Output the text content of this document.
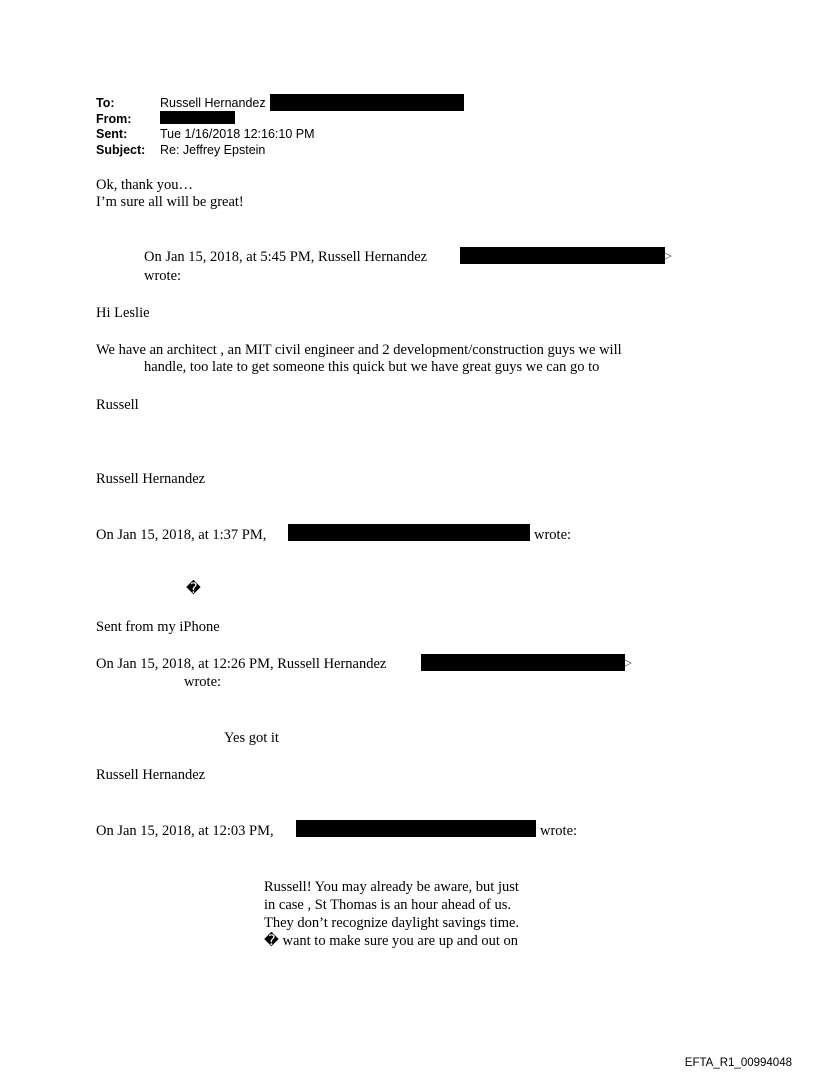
To:	Russell Hernandez
From:
Sent:	Tue 1/16/2018 12:16:10 PM
Subject: Re: Jeffrey Epstein
Ok, thank you…
I’m sure all will be great!
On Jan 15, 2018, at 5:45 PM, Russell Hernandez	>
wrote:
Hi Leslie
We have an architect , an MIT civil engineer and 2 development/construction guys we will
handle, too late to get someone this quick but we have great guys we can go to
Russell
Russell Hernandez
On Jan 15, 2018, at 1:37 PM,	wrote:
�
Sent from my iPhone
On Jan 15, 2018, at 12:26 PM, Russell Hernandez	>
wrote:
Yes got it
Russell Hernandez
On Jan 15, 2018, at 12:03 PM,	wrote:
Russell! You may already be aware, but just
in case , St Thomas is an hour ahead of us.
They don’t recognize daylight savings time.
� want to make sure you are up and out on
EFTA_R1_00994048
